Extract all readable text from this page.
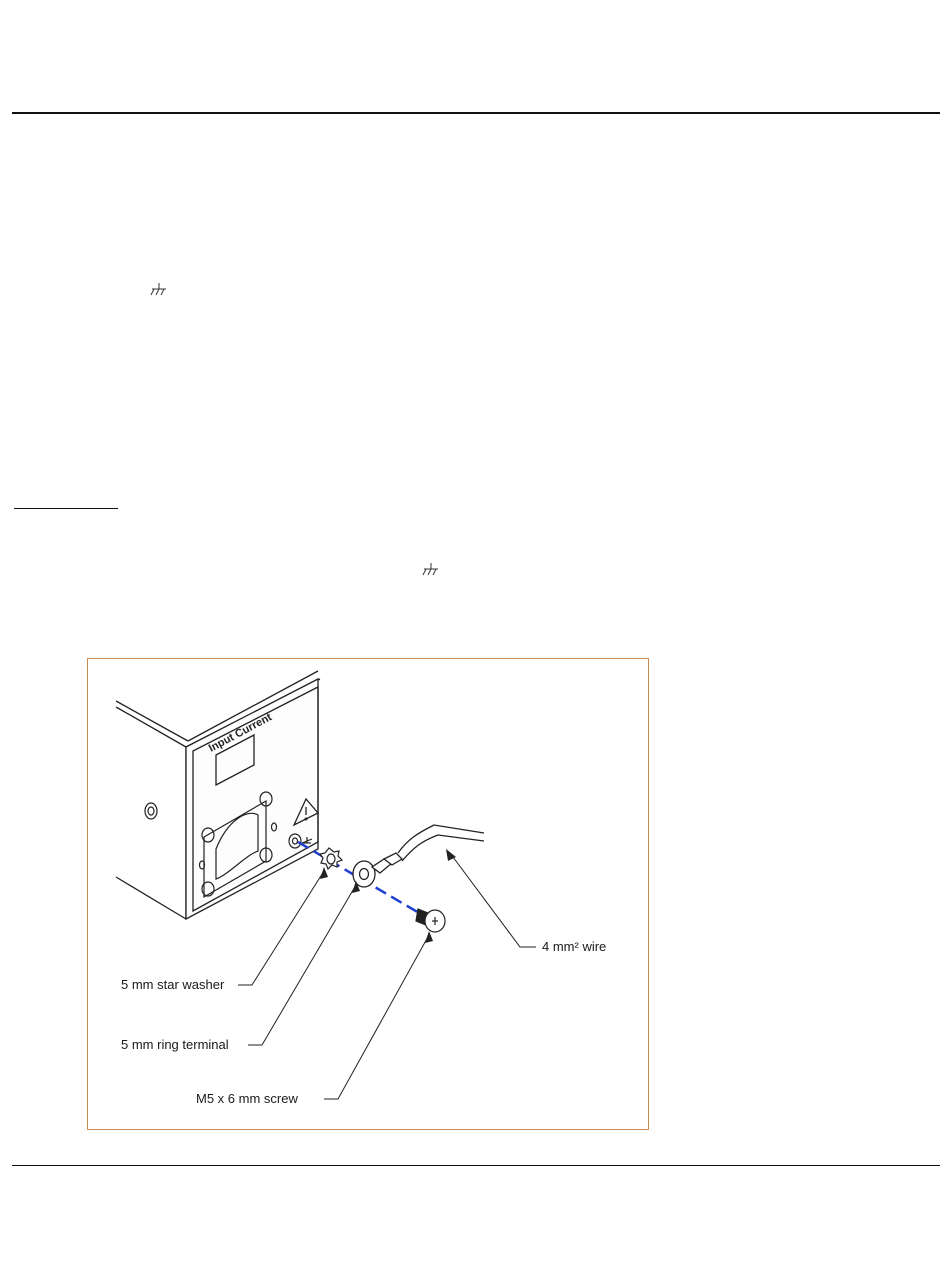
Input Current
5 mm star washer
5 mm ring terminal
M5 x 6 mm screw
4 mm² wire
